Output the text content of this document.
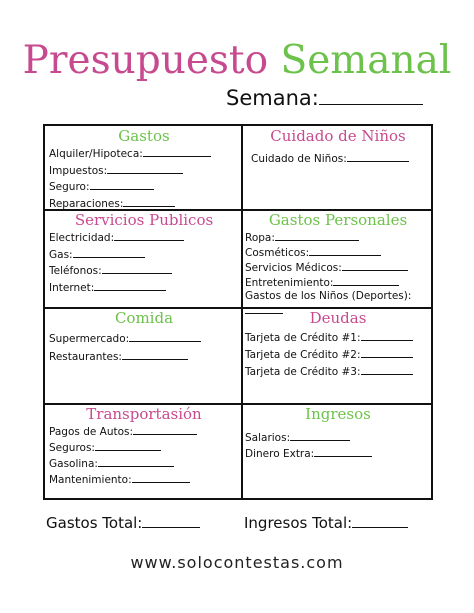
Presupuesto Semanal
Semana:
Gastos
Alquiler/Hipoteca:
Impuestos:
Seguro:
Reparaciones:
Cuidado de Niños
Cuidado de Niños:
Servicios Publicos
Electricidad:
Gas:
Teléfonos:
Internet:
Gastos Personales
Ropa:
Cosméticos:
Servicios Médicos:
Entretenimiento:
Gastos de los Niños (Deportes):
Comida
Supermercado:
Restaurantes:
Deudas
Tarjeta de Crédito #1:
Tarjeta de Crédito #2:
Tarjeta de Crédito #3:
Transportasión
Pagos de Autos:
Seguros:
Gasolina:
Mantenimiento:
Ingresos
Salarios:
Dinero Extra:
Gastos Total:	Ingresos Total:
www.solocontestas.com
